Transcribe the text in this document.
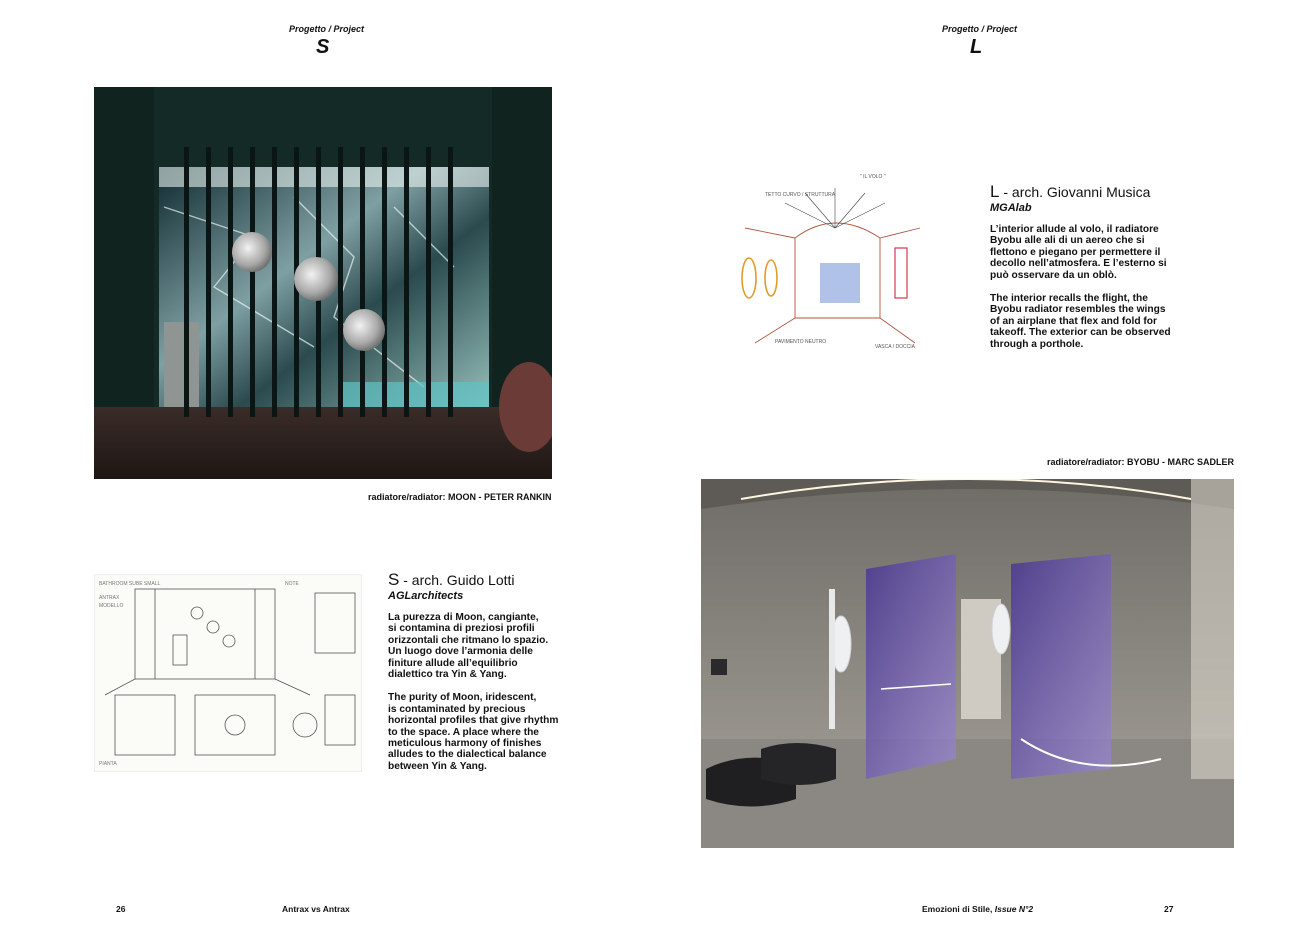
Progetto / Project
S
radiatore/radiator: MOON - PETER RANKIN
BATHROOM SUBE SMALL
ANTRAX
MODELLO
NOTE
PIANTA
S - arch. Guido Lotti
AGLarchitects

La purezza di Moon, cangiante,
si contamina di preziosi profili
orizzontali che ritmano lo spazio.
Un luogo dove l’armonia delle
finiture allude all’equilibrio
dialettico tra Yin & Yang.

The purity of Moon, iridescent,
is contaminated by precious
horizontal profiles that give rhythm
to the space. A place where the
meticulous harmony of finishes
alludes to the dialectical balance
between Yin & Yang.

26	Antrax vs Antrax
Progetto / Project
L
" IL VOLO "
TETTO CURVO / STRUTTURA
PAVIMENTO NEUTRO
VASCA / DOCCIA
L - arch. Giovanni Musica
MGAlab

L’interior allude al volo, il radiatore
Byobu alle ali di un aereo che si
flettono e piegano per permettere il
decollo nell’atmosfera. E l’esterno si
può osservare da un oblò.

The interior recalls the flight, the
Byobu radiator resembles the wings
of an airplane that flex and fold for
takeoff. The exterior can be observed
through a porthole.

radiatore/radiator: BYOBU - MARC SADLER
Emozioni di Stile, Issue N°2	27
